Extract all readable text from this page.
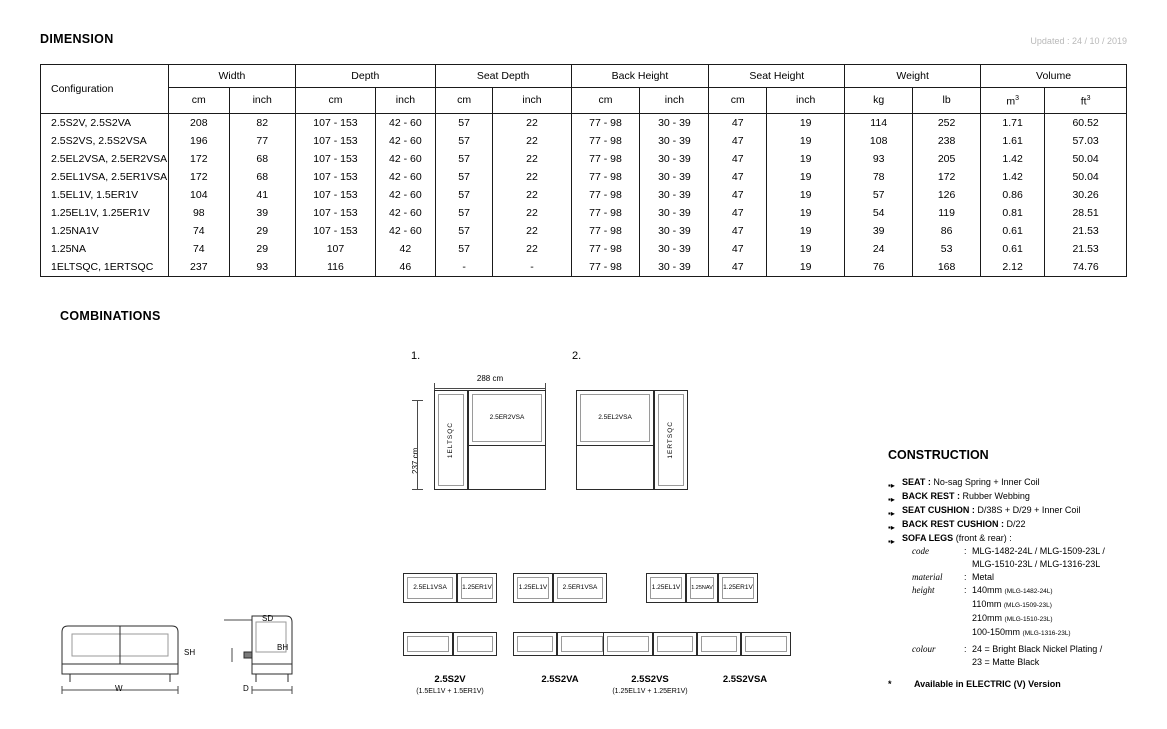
DIMENSION	Updated : 24 / 10 / 2019
Configuration	Width		Depth		Seat Depth		Back Height		Seat Height		Weight		Volume	
	cm	inch	cm	inch	cm	inch	cm	inch	cm	inch	kg	lb	$m^3$	$ft^3$
2.5S2V, 2.5S2VA	208	82	107 - 153	42 - 60	57	22	77 - 98	30 - 39	47	19	114	252	1.71	60.52
2.5S2VS, 2.5S2VSA	196	77	107 - 153	42 - 60	57	22	77 - 98	30 - 39	47	19	108	238	1.61	57.03
2.5EL2VSA, 2.5ER2VSA	172	68	107 - 153	42 - 60	57	22	77 - 98	30 - 39	47	19	93	205	1.42	50.04
2.5EL1VSA, 2.5ER1VSA	172	68	107 - 153	42 - 60	57	22	77 - 98	30 - 39	47	19	78	172	1.42	50.04
1.5EL1V, 1.5ER1V	104	41	107 - 153	42 - 60	57	22	77 - 98	30 - 39	47	19	57	126	0.86	30.26
1.25EL1V, 1.25ER1V	98	39	107 - 153	42 - 60	57	22	77 - 98	30 - 39	47	19	54	119	0.81	28.51
1.25NA1V	74	29	107 - 153	42 - 60	57	22	77 - 98	30 - 39	47	19	39	86	0.61	21.53
1.25NA	74	29	107	42	57	22	77 - 98	30 - 39	47	19	24	53	0.61	21.53
1ELTSQC, 1ERTSQC	237	93	116	46	-	-	77 - 98	30 - 39	47	19	76	168	2.12	74.76
COMBINATIONS
1.	2.
288 cm
237 cm
1ELTSQC
2.5ER2VSA	2.5EL2VSA
1ERTSQC
2.5EL1VSA 1.25ER1V
2.5S2V
(1.5EL1V + 1.5ER1V)
1.25EL1V 2.5ER1VSA
2.5S2VA
1.25EL1V 1.25NAV 1.25ER1V
2.5S2VS
(1.25EL1V + 1.25ER1V)
2.5S2VSA
CONSTRUCTION
▪▸ SEAT : No-sag Spring + Inner Coil
▪▸ BACK REST : Rubber Webbing
▪▸ SEAT CUSHION : D/38S + D/29 + Inner Coil
▪▸ BACK REST CUSHION : D/22
▪▸ SOFA LEGS (front & rear) :
code	: MLG-1482-24L / MLG-1509-23L /
MLG-1510-23L / MLG-1316-23L
material : Metal
height	: 140mm (MLG-1482-24L)
110mm (MLG-1509-23L)
210mm (MLG-1510-23L)
100-150mm (MLG-1316-23L)
colour	: 24 = Bright Black Nickel Plating /
23 = Matte Black
* Available in ELECTRIC (V) Version
SD
SH
BH
W	D
